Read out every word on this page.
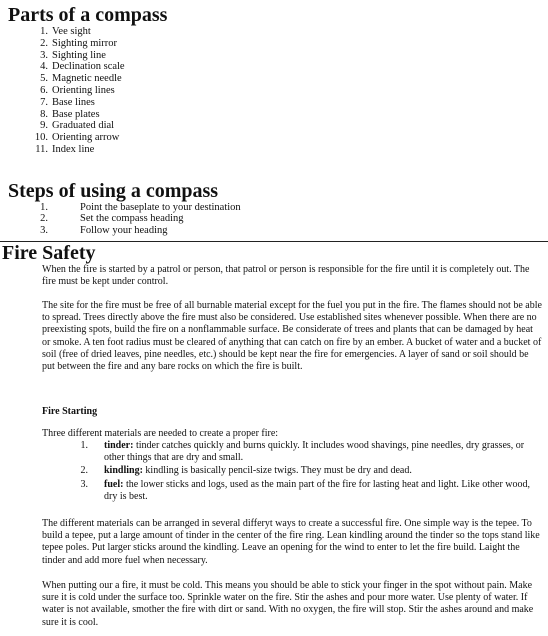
Parts of a compass
1. Vee sight
2. Sighting mirror
3. Sighting line
4. Declination scale
5. Magnetic needle
6. Orienting lines
7. Base lines
8. Base plates
9. Graduated dial
10. Orienting arrow
11. Index line
Steps of using a compass
1.	Point the baseplate to your destination
2.	Set the compass heading
3.	Follow your heading
Fire Safety

When the fire is started by a patrol or person, that patrol or person is responsible for the fire until it is completely out. The fire must be kept under control.

The site for the fire must be free of all burnable material except for the fuel you put in the fire. The flames should not be able to spread. Trees directly above the fire must also be considered. Use established sites whenever possible. When there are no preexisting spots, build the fire on a nonflammable surface. Be considerate of trees and plants that can be damaged by heat or smoke. A ten foot radius must be cleared of anything that can catch on fire by an ember. A bucket of water and a bucket of soil (free of dried leaves, pine needles, etc.) should be kept near the fire for emergencies. A layer of sand or soil should be put between the fire and any bare rocks on which the fire is built.

Fire Starting

Three different materials are needed to create a proper fire:

1. tinder: tinder catches quickly and burns quickly. It includes wood shavings, pine needles, dry grasses, or other things that are dry and small.
2. kindling: kindling is basically pencil-size twigs. They must be dry and dead.
3. fuel: the lower sticks and logs, used as the main part of the fire for lasting heat and light. Like other wood, dry is best.

The different materials can be arranged in several differyt ways to create a successful fire. One simple way is the tepee. To build a tepee, put a large amount of tinder in the center of the fire ring. Lean kindling around the tinder so the tops stand like tepee poles. Put larger sticks around the kindling. Leave an opening for the wind to enter to let the fire build. Laight the tinder and add more fuel when necessary.

When putting our a fire, it must be cold. This means you should be able to stick your finger in the spot without pain. Make sure it is cold under the surface too. Sprinkle water on the fire. Stir the ashes and pour more water. Use plenty of water. If water is not available, smother the fire with dirt or sand. With no oxygen, the fire will stop. Stir the ashes around and make sure it is cool.
